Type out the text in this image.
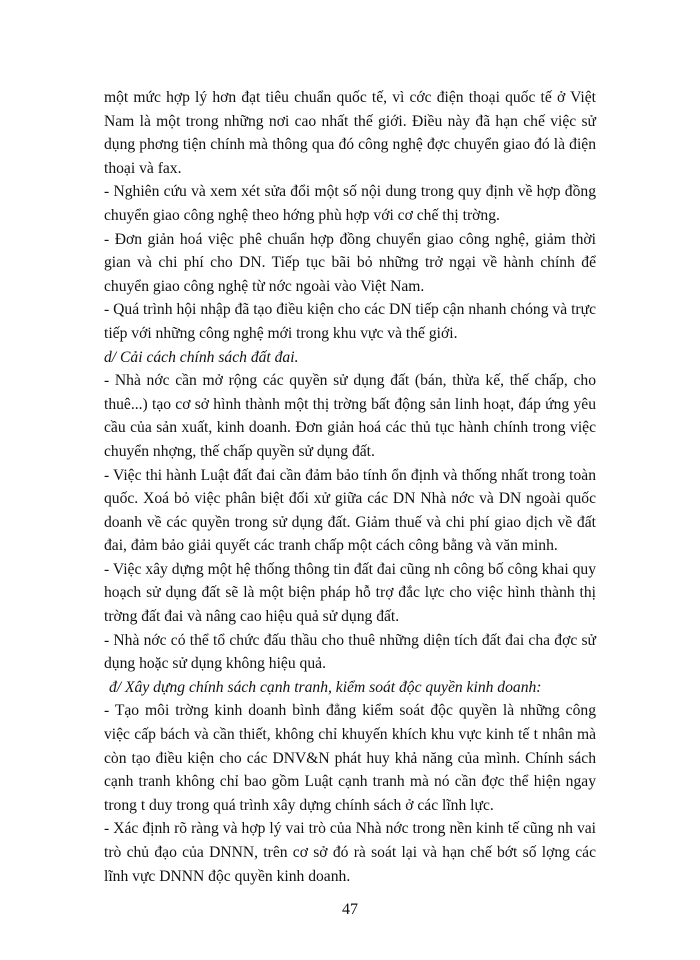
một mức hợp lý hơn đạt tiêu chuẩn quốc tế, vì cớc điện thoại quốc tế ở Việt Nam là một trong những nơi cao nhất thế giới. Điều này đã hạn chế việc sử dụng phơng tiện chính mà thông qua đó công nghệ đợc chuyển giao đó là điện thoại và fax.

- Nghiên cứu và xem xét sửa đổi một số nội dung trong quy định về hợp đồng chuyển giao công nghệ theo hớng phù hợp với cơ chế thị trờng.

- Đơn giản hoá việc phê chuẩn hợp đồng chuyển giao công nghệ, giảm thời gian và chi phí cho DN. Tiếp tục bãi bỏ những trở ngại về hành chính để chuyển giao công nghệ từ nớc ngoài vào Việt Nam.

- Quá trình hội nhập đã tạo điều kiện cho các DN tiếp cận nhanh chóng và trực tiếp với những công nghệ mới trong khu vực và thế giới.

d/ Cải cách chính sách đất đai.

- Nhà nớc cần mở rộng các quyền sử dụng đất (bán, thừa kế, thế chấp, cho thuê...) tạo cơ sở hình thành một thị trờng bất động sản linh hoạt, đáp ứng yêu cầu của sản xuất, kinh doanh. Đơn giản hoá các thủ tục hành chính trong việc chuyển nhợng, thế chấp quyền sử dụng đất.

- Việc thi hành Luật đất đai cần đảm bảo tính ổn định và thống nhất trong toàn quốc. Xoá bỏ việc phân biệt đối xử giữa các DN Nhà nớc và DN ngoài quốc doanh về các quyền trong sử dụng đất. Giảm thuế và chi phí giao dịch về đất đai, đảm bảo giải quyết các tranh chấp một cách công bằng và văn minh.

- Việc xây dựng một hệ thống thông tin đất đai cũng nh công bố công khai quy hoạch sử dụng đất sẽ là một biện pháp hỗ trợ đắc lực cho việc hình thành thị trờng đất đai và nâng cao hiệu quả sử dụng đất.

- Nhà nớc có thể tổ chức đấu thầu cho thuê những diện tích đất đai cha đợc sử dụng hoặc sử dụng không hiệu quả.

đ/ Xây dựng chính sách cạnh tranh, kiểm soát độc quyền kinh doanh:

- Tạo môi trờng kinh doanh bình đẳng kiểm soát độc quyền là những công việc cấp bách và cần thiết, không chỉ khuyến khích khu vực kinh tế t nhân mà còn tạo điều kiện cho các DNV&N phát huy khả năng của mình. Chính sách cạnh tranh không chỉ bao gồm Luật cạnh tranh mà nó cần đợc thể hiện ngay trong t duy trong quá trình xây dựng chính sách ở các lĩnh lực.

- Xác định rõ ràng và hợp lý vai trò của Nhà nớc trong nền kinh tế cũng nh vai trò chủ đạo của DNNN, trên cơ sở đó rà soát lại và hạn chế bớt số lợng các lĩnh vực DNNN độc quyền kinh doanh.

47
